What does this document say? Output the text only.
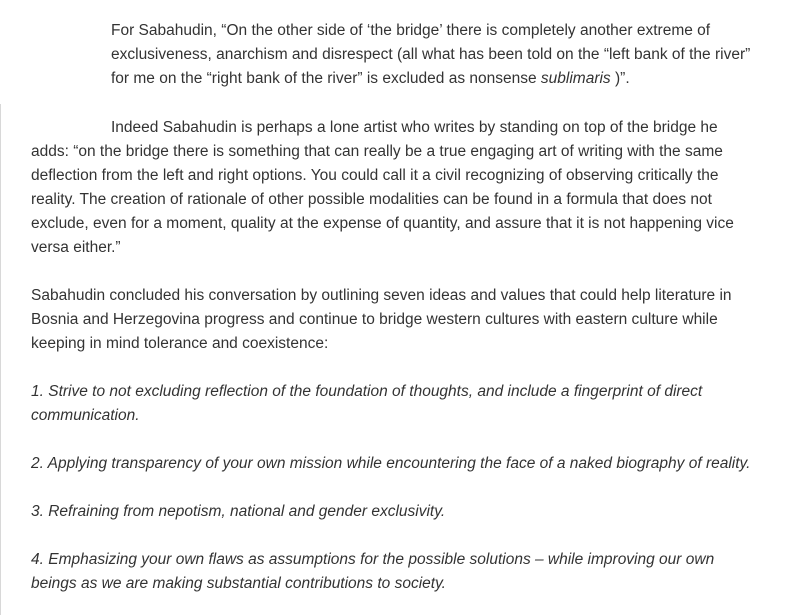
For Sabahudin, “On the other side of ‘the bridge’ there is completely another extreme of exclusiveness, anarchism and disrespect (all what has been told on the “left bank of the river” for me on the “right bank of the river” is excluded as nonsense sublimaris )”.

Indeed Sabahudin is perhaps a lone artist who writes by standing on top of the bridge he adds: “on the bridge there is something that can really be a true engaging art of writing with the same deflection from the left and right options. You could call it a civil recognizing of observing critically the reality. The creation of rationale of other possible modalities can be found in a formula that does not exclude, even for a moment, quality at the expense of quantity, and assure that it is not happening vice versa either.”

Sabahudin concluded his conversation by outlining seven ideas and values that could help literature in Bosnia and Herzegovina progress and continue to bridge western cultures with eastern culture while keeping in mind tolerance and coexistence:

1. Strive to not excluding reflection of the foundation of thoughts, and include a fingerprint of direct communication.

2. Applying transparency of your own mission while encountering the face of a naked biography of reality.

3. Refraining from nepotism, national and gender exclusivity.

4. Emphasizing your own flaws as assumptions for the possible solutions – while improving our own beings as we are making substantial contributions to society.
